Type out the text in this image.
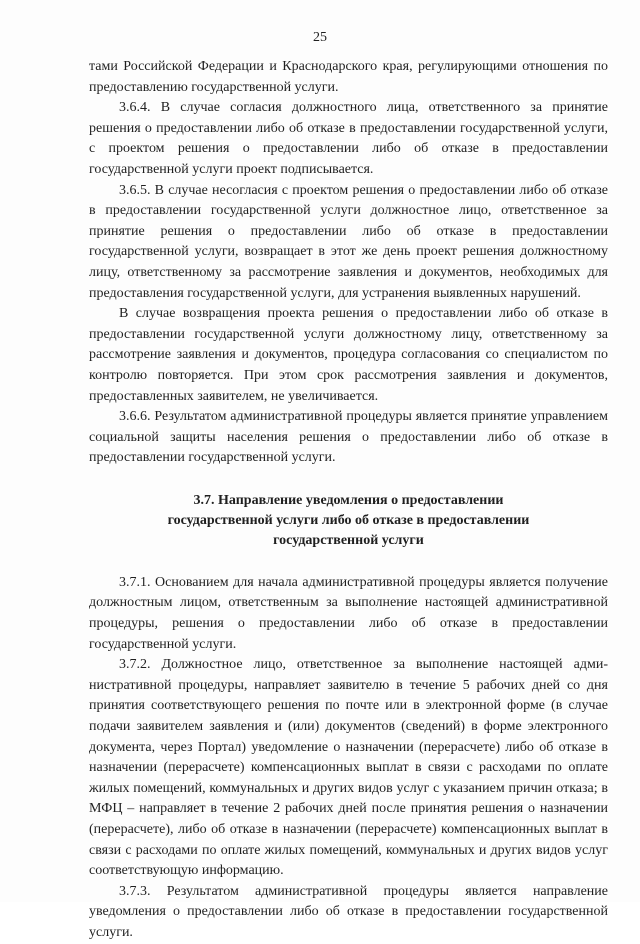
25

тами Российской Федерации и Краснодарского края, регулирующими отношения по предоставлению государственной услуги.

3.6.4. В случае согласия должностного лица, ответственного за принятие решения о предоставлении либо об отказе в предоставлении государственной услуги, с проектом решения о предоставлении либо об отказе в предоставлении государственной услуги проект подписывается.

3.6.5. В случае несогласия с проектом решения о предоставлении либо об отказе в предоставлении государственной услуги должностное лицо, ответственное за принятие решения о предоставлении либо об отказе в предоставлении государственной услуги, возвращает в этот же день проект решения должностному лицу, ответственному за рассмотрение заявления и документов, необходимых для предоставления государственной услуги, для устранения выявленных нарушений.

В случае возвращения проекта решения о предоставлении либо об отказе в предоставлении государственной услуги должностному лицу, ответственному за рассмотрение заявления и документов, процедура согласования со специалистом по контролю повторяется. При этом срок рассмотрения заявления и документов, предоставленных заявителем, не увеличивается.

3.6.6. Результатом административной процедуры является принятие управлением социальной защиты населения решения о предоставлении либо об отказе в предоставлении государственной услуги.

3.7. Направление уведомления о предоставлении
государственной услуги либо об отказе в предоставлении
государственной услуги

3.7.1. Основанием для начала административной процедуры является получение должностным лицом, ответственным за выполнение настоящей административной процедуры, решения о предоставлении либо об отказе в предоставлении государственной услуги.

3.7.2. Должностное лицо, ответственное за выполнение настоящей административной процедуры, направляет заявителю в течение 5 рабочих дней со дня принятия соответствующего решения по почте или в электронной форме (в случае подачи заявителем заявления и (или) документов (сведений) в форме электронного документа, через Портал) уведомление о назначении (перерасчете) либо об отказе в назначении (перерасчете) компенсационных выплат в связи с расходами по оплате жилых помещений, коммунальных и других видов услуг с указанием причин отказа; в МФЦ – направляет в течение 2 рабочих дней после принятия решения о назначении (перерасчете), либо об отказе в назначении (перерасчете) компенсационных выплат в связи с расходами по оплате жилых помещений, коммунальных и других видов услуг соответствующую информацию.

3.7.3. Результатом административной процедуры является направление уведомления о предоставлении либо об отказе в предоставлении государственной услуги.
